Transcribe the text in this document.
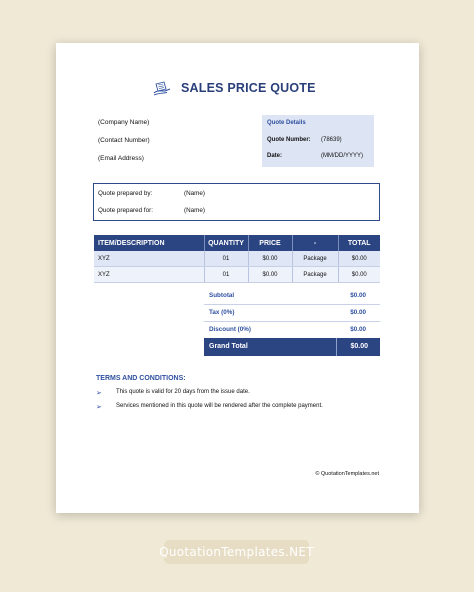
SALES PRICE QUOTE
(Company Name)
(Contact Number)
(Email Address)
Quote Details
Quote Number: (78639)
Date:	(MM/DD/YYYY)
Quote prepared by:	(Name)
Quote prepared for:	(Name)
ITEM/DESCRIPTION	QUANTITY	PRICE	-	TOTAL
XYZ	01	$0.00	Package	$0.00
XYZ	01	$0.00	Package	$0.00
Subtotal	$0.00
Tax (0%)	$0.00
Discount (0%)	$0.00
Grand Total	$0.00
TERMS AND CONDITIONS:
➢ This quote is valid for 20 days from the issue date.
➢ Services mentioned in this quote will be rendered after the complete payment.
© QuotationTemplates.net
QuotationTemplates.NET
